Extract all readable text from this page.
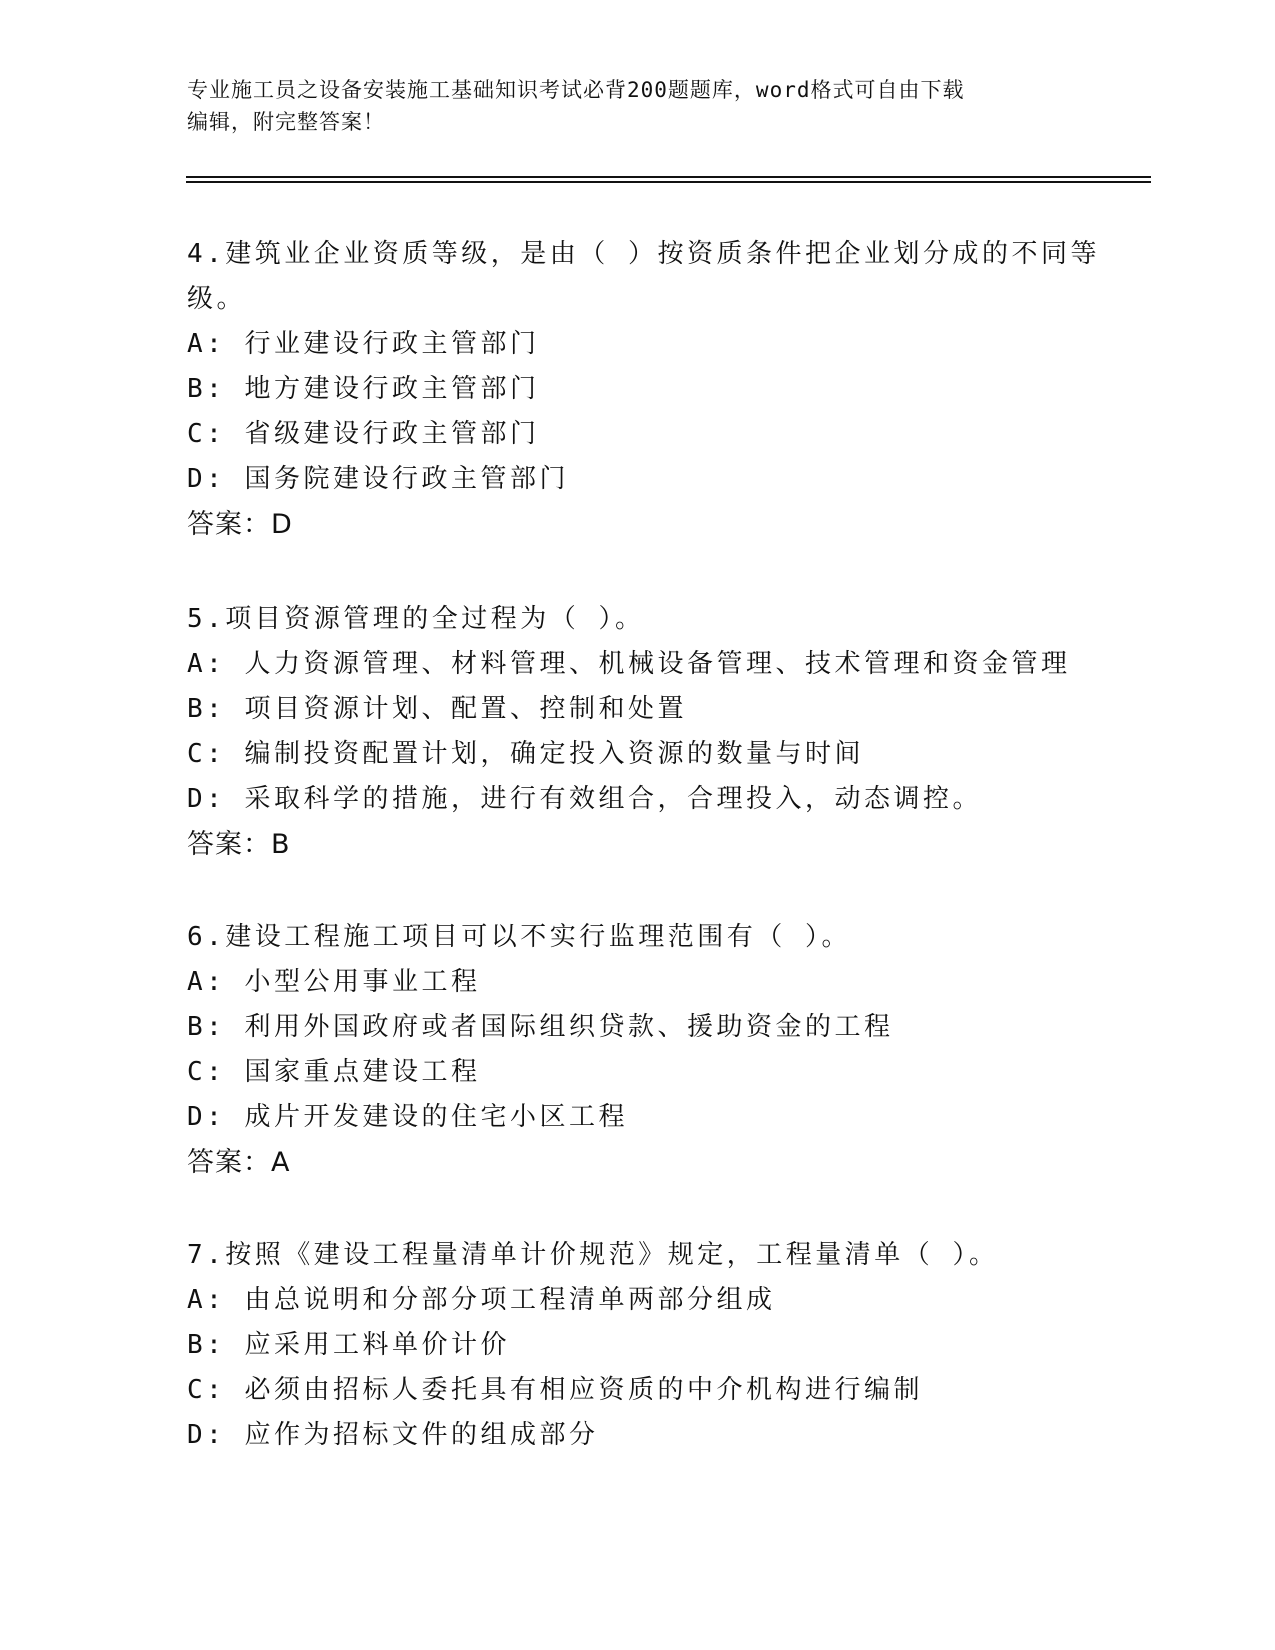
专业施工员之设备安装施工基础知识考试必背200题题库，word格式可自由下载
编辑，附完整答案！
4.建筑业企业资质等级，是由（ ）按资质条件把企业划分成的不同等
级。
A: 行业建设行政主管部门
B: 地方建设行政主管部门
C: 省级建设行政主管部门
D: 国务院建设行政主管部门
答案：D
5.项目资源管理的全过程为（ ）。
A: 人力资源管理、材料管理、机械设备管理、技术管理和资金管理
B: 项目资源计划、配置、控制和处置
C: 编制投资配置计划，确定投入资源的数量与时间
D: 采取科学的措施，进行有效组合，合理投入，动态调控。
答案：B
6.建设工程施工项目可以不实行监理范围有（ ）。
A: 小型公用事业工程
B: 利用外国政府或者国际组织贷款、援助资金的工程
C: 国家重点建设工程
D: 成片开发建设的住宅小区工程
答案：A
7.按照《建设工程量清单计价规范》规定，工程量清单（ ）。
A: 由总说明和分部分项工程清单两部分组成
B: 应采用工料单价计价
C: 必须由招标人委托具有相应资质的中介机构进行编制
D: 应作为招标文件的组成部分
